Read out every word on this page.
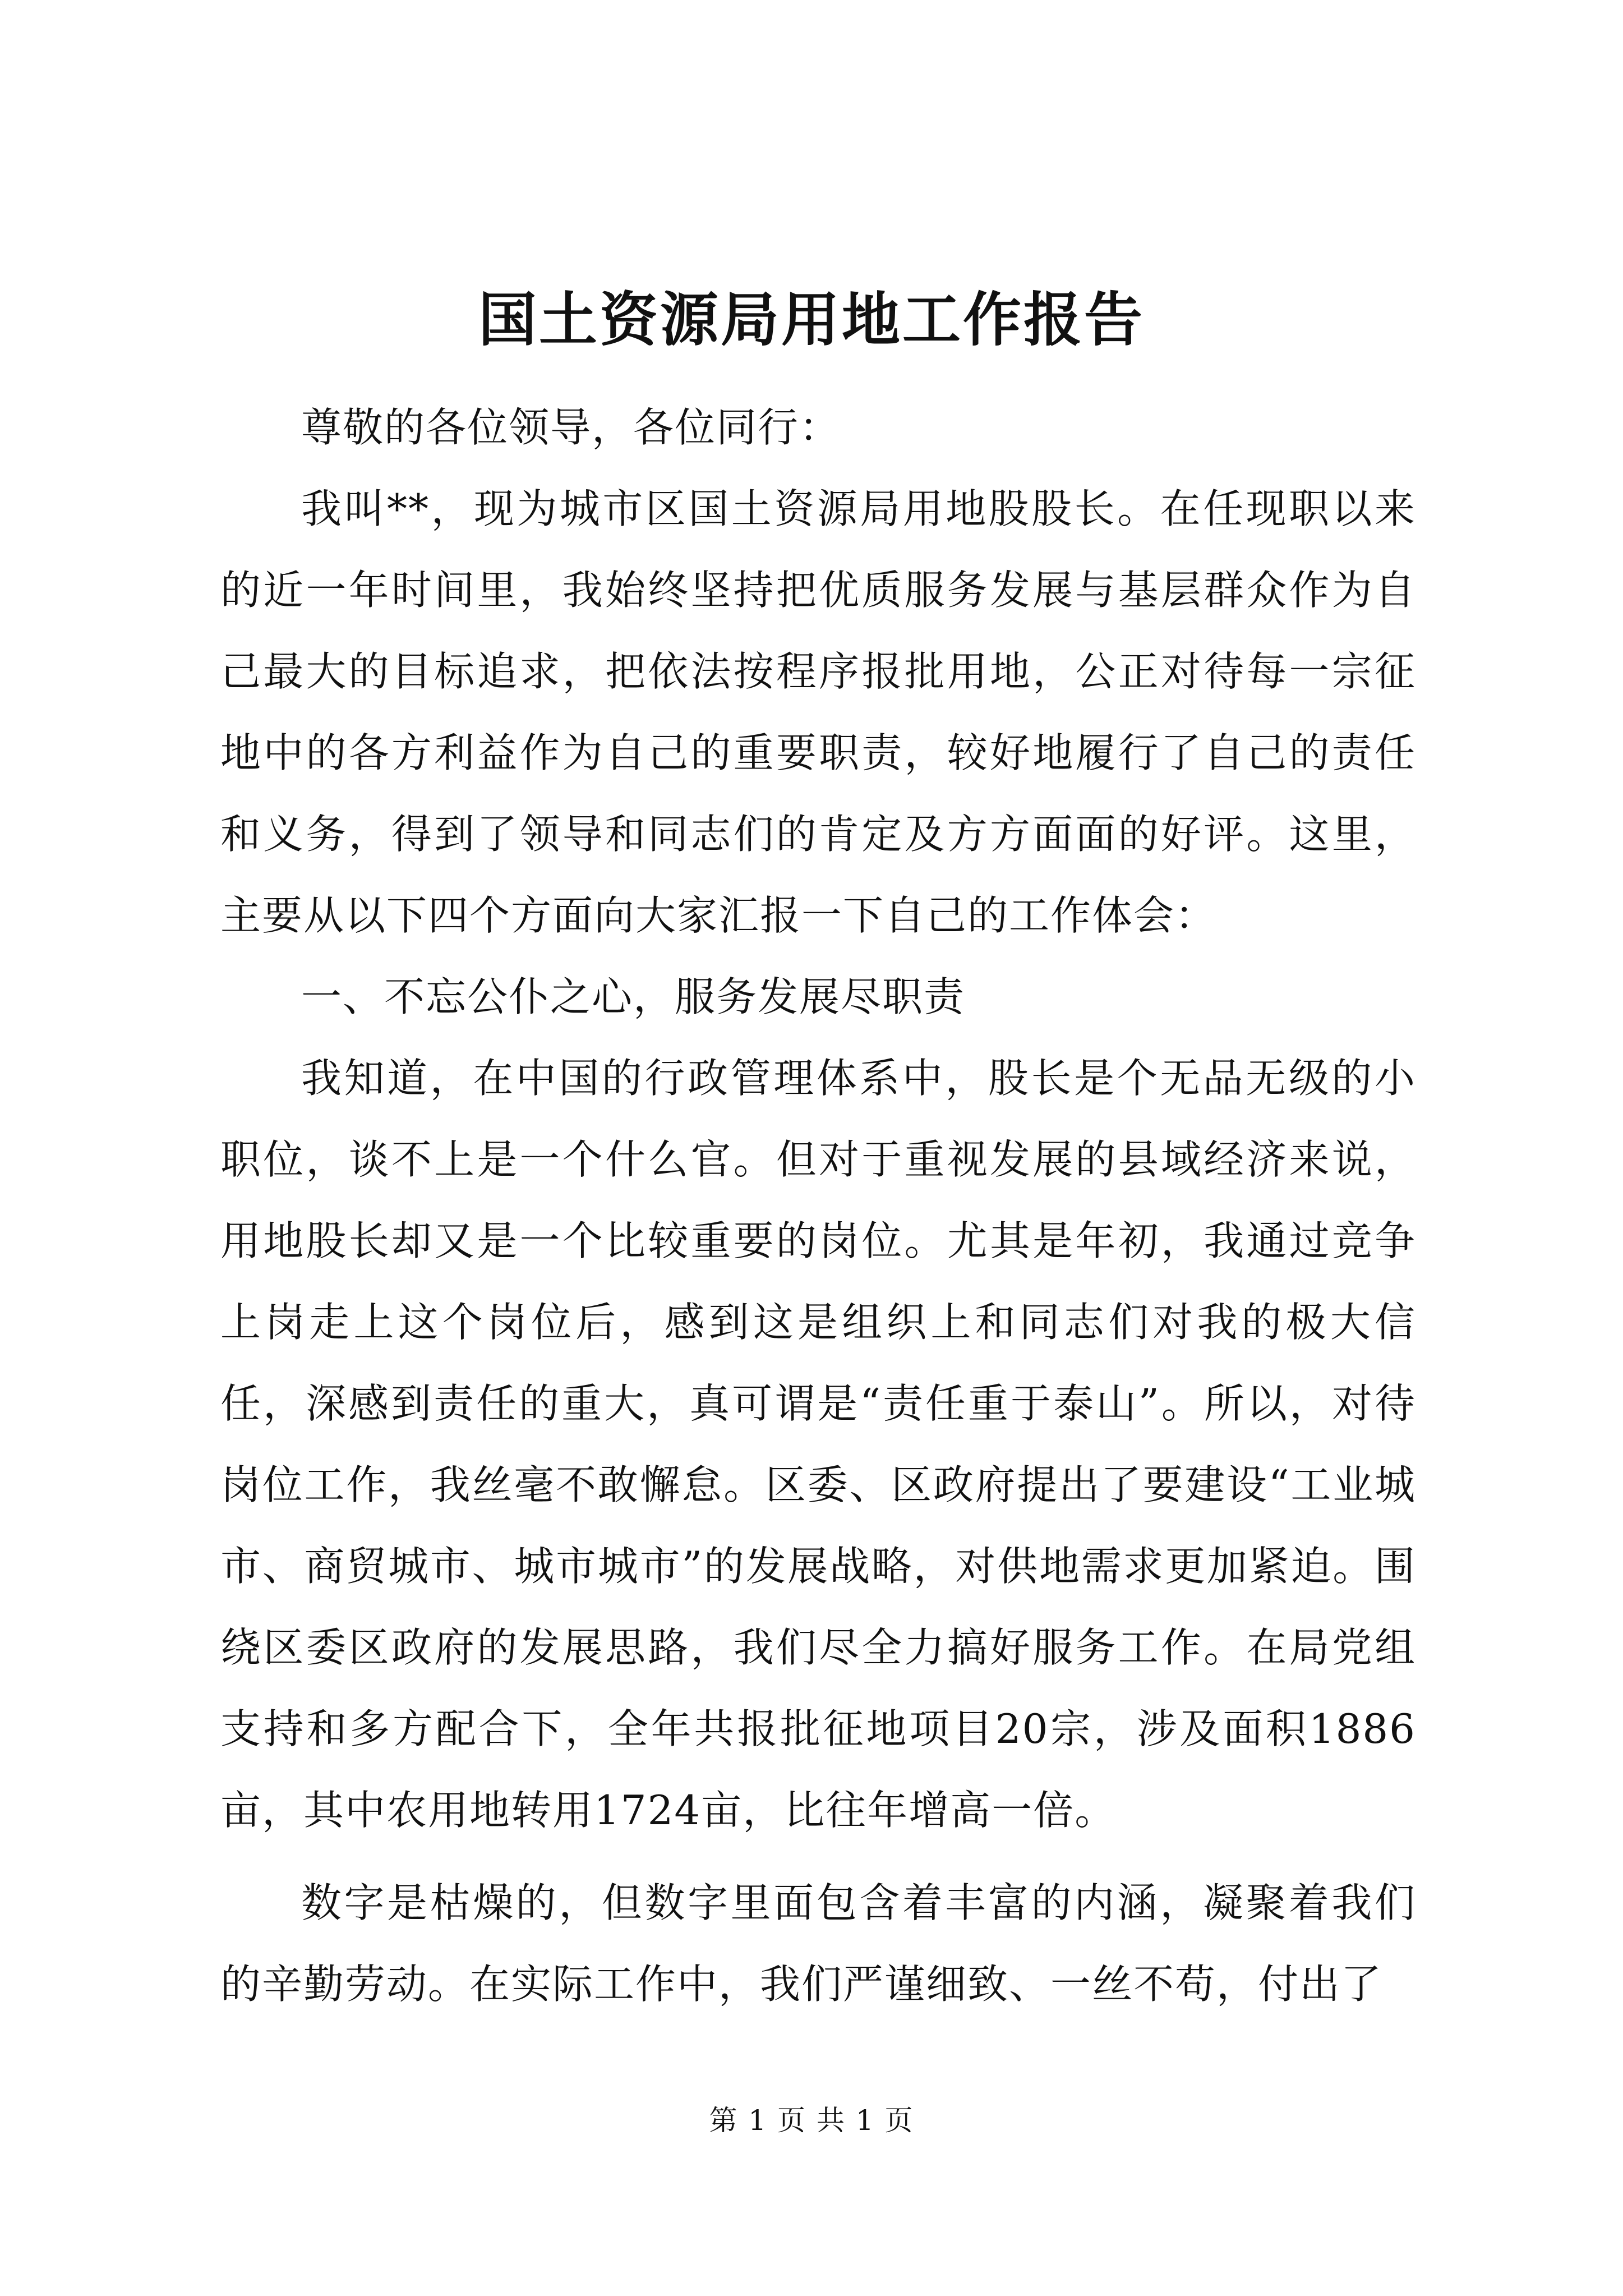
国土资源局用地工作报告

尊敬的各位领导，各位同行：

我叫**，现为城市区国土资源局用地股股长。在任现职以来的近一年时间里，我始终坚持把优质服务发展与基层群众作为自己最大的目标追求，把依法按程序报批用地，公正对待每一宗征地中的各方利益作为自己的重要职责，较好地履行了自己的责任和义务，得到了领导和同志们的肯定及方方面面的好评。这里，主要从以下四个方面向大家汇报一下自己的工作体会：

一、不忘公仆之心，服务发展尽职责

我知道，在中国的行政管理体系中，股长是个无品无级的小职位，谈不上是一个什么官。但对于重视发展的县域经济来说，用地股长却又是一个比较重要的岗位。尤其是年初，我通过竞争上岗走上这个岗位后，感到这是组织上和同志们对我的极大信任，深感到责任的重大，真可谓是“责任重于泰山”。所以，对待岗位工作，我丝毫不敢懈怠。区委、区政府提出了要建设“工业城市、商贸城市、城市城市”的发展战略，对供地需求更加紧迫。围绕区委区政府的发展思路，我们尽全力搞好服务工作。在局党组支持和多方配合下，全年共报批征地项目20宗，涉及面积1886亩，其中农用地转用1724亩，比往年增高一倍。

数字是枯燥的，但数字里面包含着丰富的内涵，凝聚着我们的辛勤劳动。在实际工作中，我们严谨细致、一丝不苟，付出了

第 1 页 共 1 页
